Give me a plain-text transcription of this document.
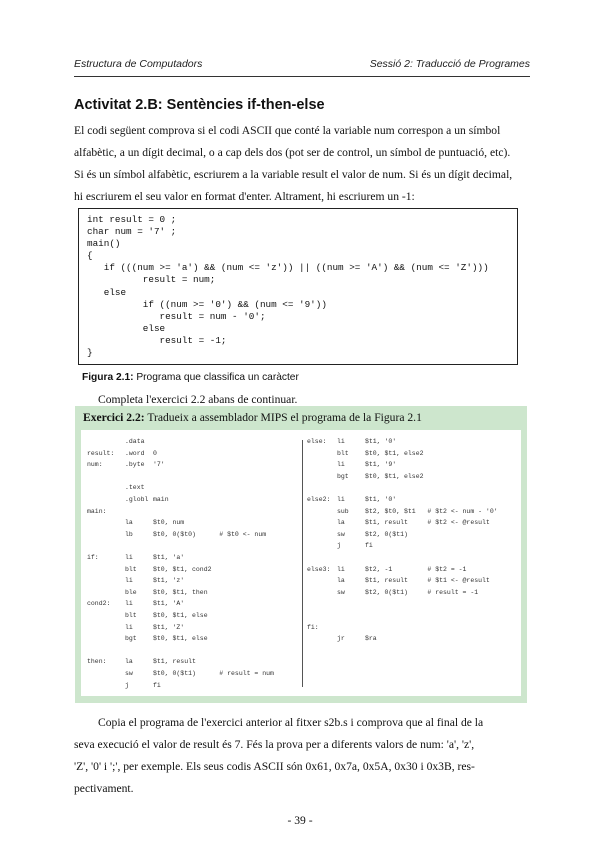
Estructura de Computadors	Sessió 2: Traducció de Programes
Activitat 2.B: Sentències if-then-else
El codi següent comprova si el codi ASCII que conté la variable num correspon a un símbol
alfabètic, a un dígit decimal, o a cap dels dos (pot ser de control, un símbol de puntuació, etc).
Si és un símbol alfabètic, escriurem a la variable result el valor de num. Si és un dígit decimal,
hi escriurem el seu valor en format d'enter. Altrament, hi escriurem un -1:
int result = 0 ;
char num = '7' ;
main()
{
if (((num >= 'a') && (num <= 'z')) || ((num >= 'A') && (num <= 'Z')))
result = num;
else
if ((num >= '0') && (num <= '9'))
result = num - '0';
else
result = -1;
}
Figura 2.1: Programa que classifica un caràcter
Completa l'exercici 2.2 abans de continuar.
Exercici 2.2: Tradueix a assemblador MIPS el programa de la Figura 2.1
.data
result: .word 0
num:	.byte '7'
.text
.globl main
main:
la	$t0, num
lb	$t0, 0($t0)      # $t0 <- num
if:	li	$t1, 'a'
blt	$t0, $t1, cond2
li	$t1, 'z'
ble	$t0, $t1, then
cond2: li	$t1, 'A'
blt	$t0, $t1, else
li	$t1, 'Z'
bgt	$t0, $t1, else
then:	la	$t1, result
sw	$t0, 0($t1)      # result = num
j	fi
else: li	$t1, '0'
blt	$t0, $t1, else2
li	$t1, '9'
bgt	$t0, $t1, else2
else2: li	$t1, '0'
sub	$t2, $t0, $t1   # $t2 <- num - '0'
la	$t1, result     # $t2 <- @result
sw	$t2, 0($t1)
j	fi
else3: li	$t2, -1         # $t2 = -1
la	$t1, result     # $t1 <- @result
sw	$t2, 0($t1)     # result = -1
fi:
jr	$ra
Copia el programa de l'exercici anterior al fitxer s2b.s i comprova que al final de la
seva execució el valor de result és 7. Fés la prova per a diferents valors de num: 'a', 'z',
'Z', '0' i ';', per exemple. Els seus codis ASCII són 0x61, 0x7a, 0x5A, 0x30 i 0x3B, res-
pectivament.
- 39 -
